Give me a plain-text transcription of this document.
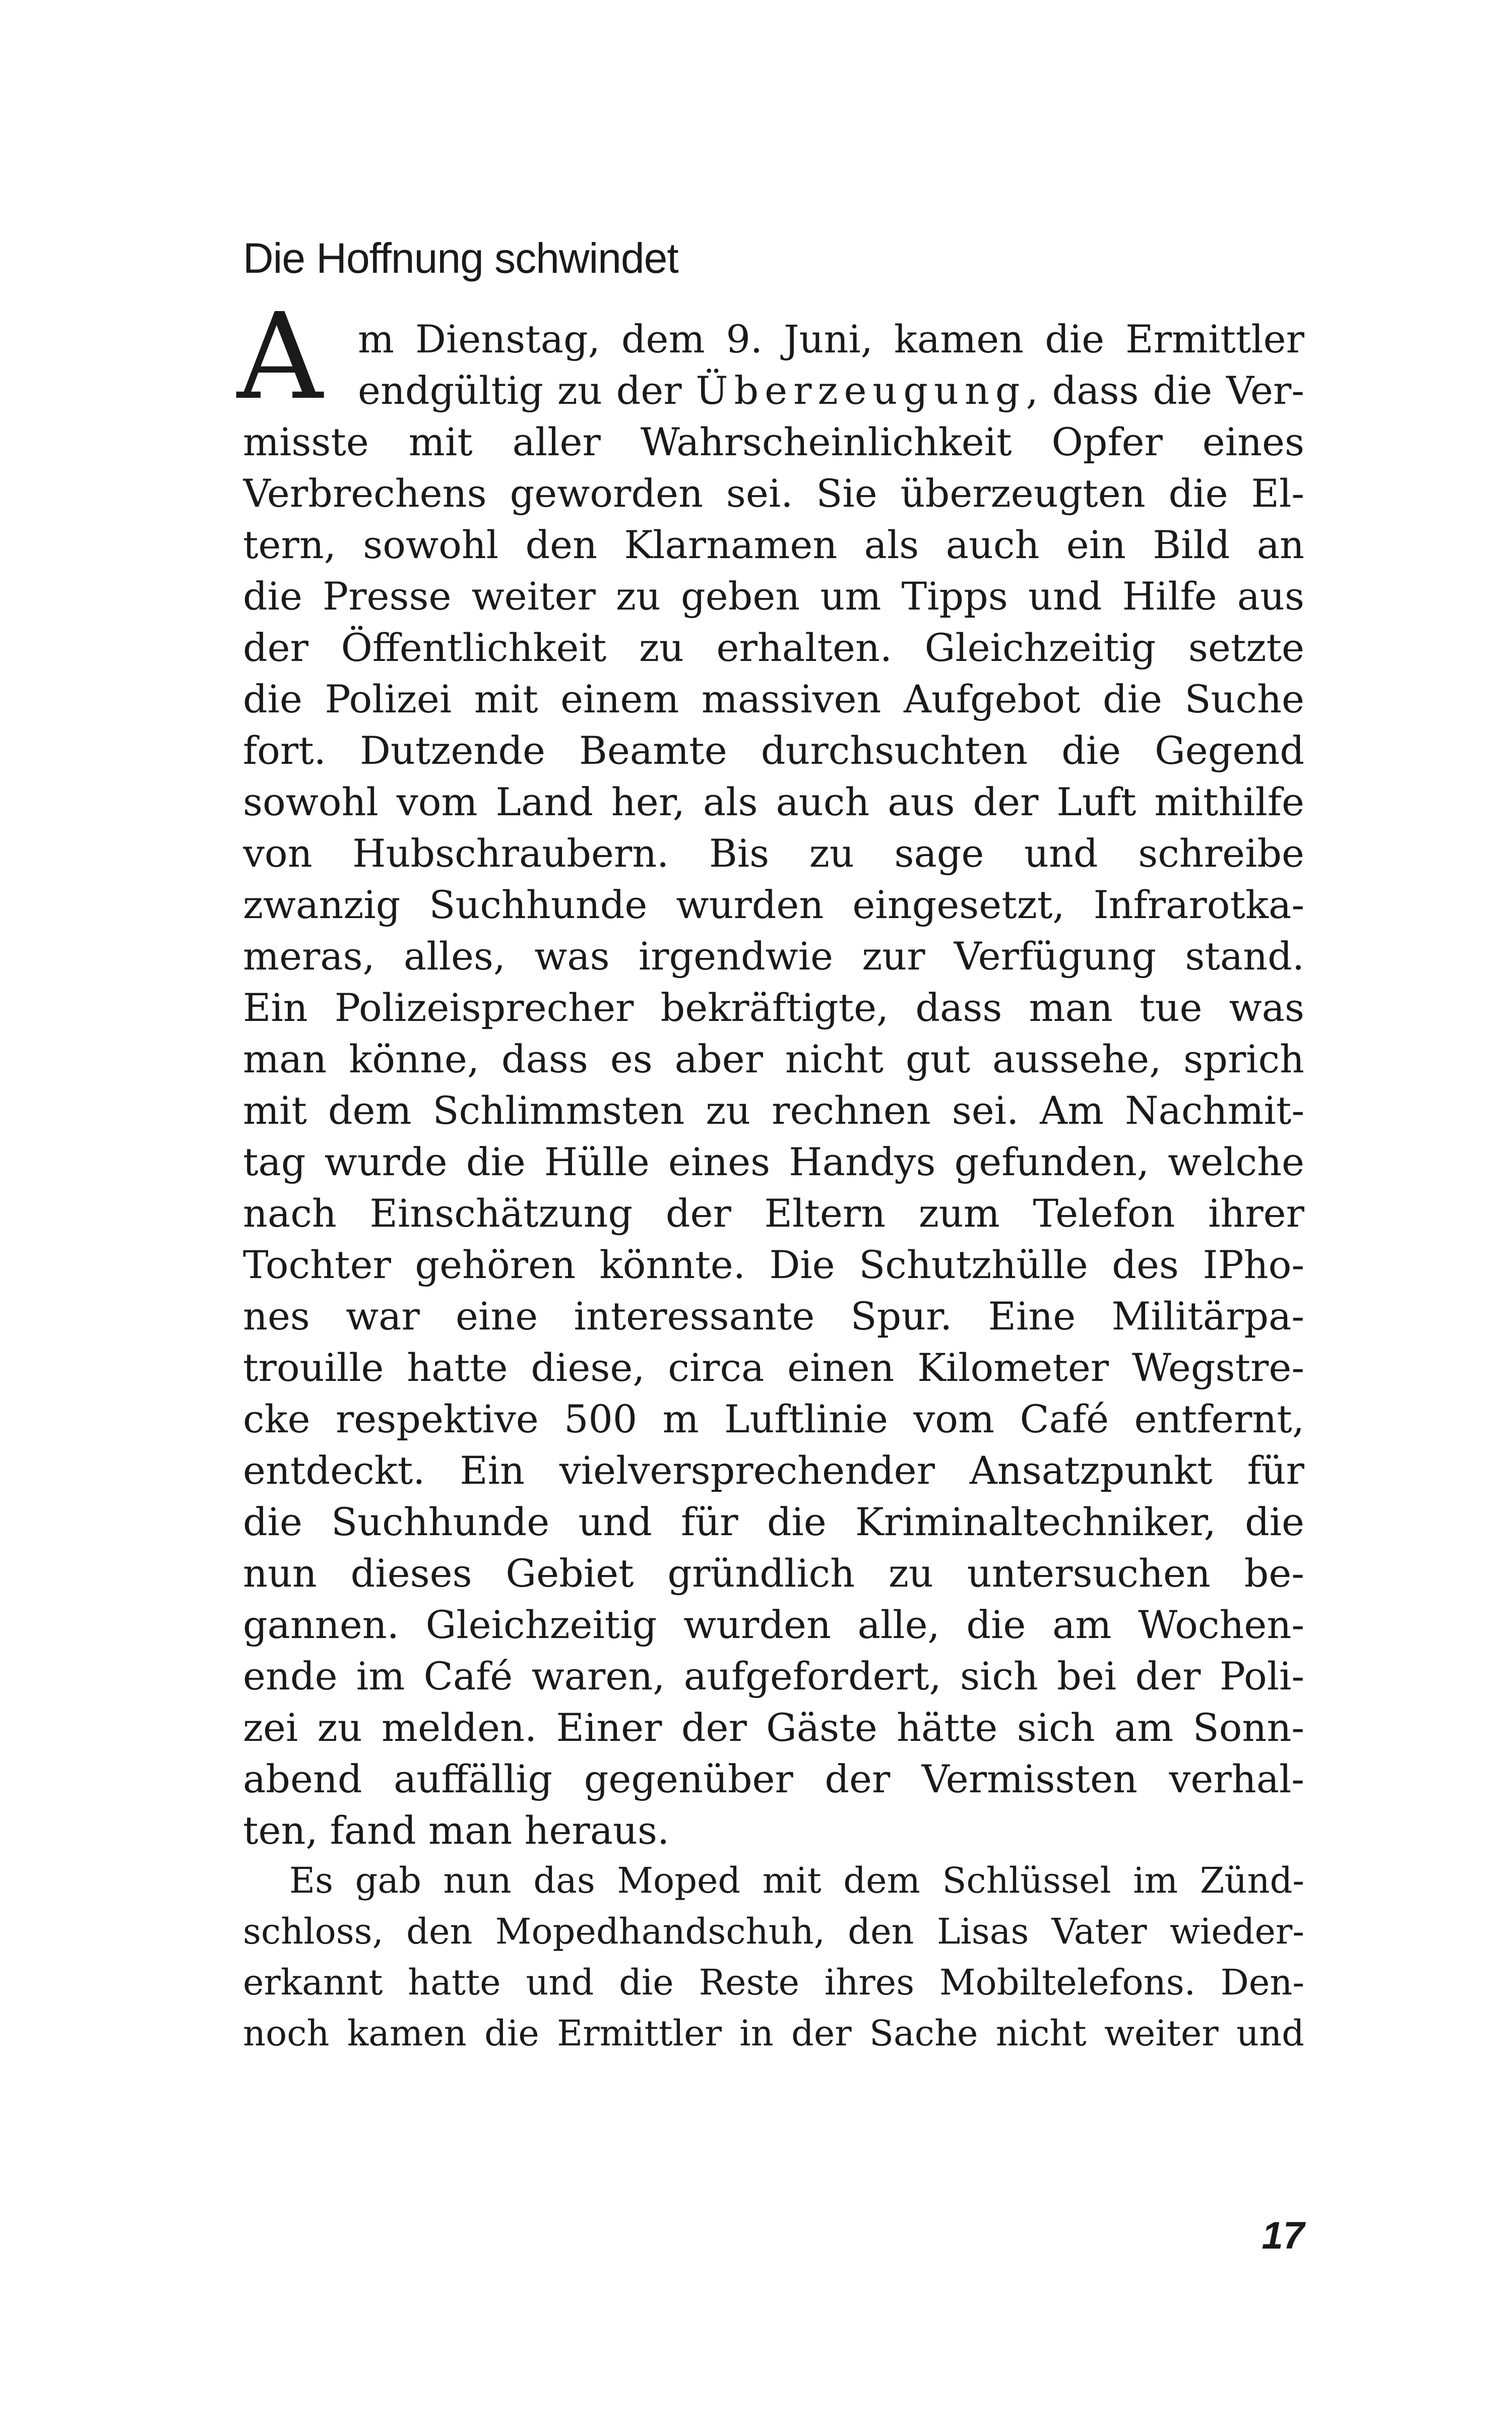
Die Hoffnung schwindet
A m Dienstag, dem 9. Juni, kamen die Ermittler
endgültig zu der Überzeugung, dass die Ver-
misste mit aller Wahrscheinlichkeit Opfer eines
Verbrechens geworden sei. Sie überzeugten die El-
tern, sowohl den Klarnamen als auch ein Bild an
die Presse weiter zu geben um Tipps und Hilfe aus
der Öffentlichkeit zu erhalten. Gleichzeitig setzte
die Polizei mit einem massiven Aufgebot die Suche
fort. Dutzende Beamte durchsuchten die Gegend
sowohl vom Land her, als auch aus der Luft mithilfe
von Hubschraubern. Bis zu sage und schreibe
zwanzig Suchhunde wurden eingesetzt, Infrarotka-
meras, alles, was irgendwie zur Verfügung stand.
Ein Polizeisprecher bekräftigte, dass man tue was
man könne, dass es aber nicht gut aussehe, sprich
mit dem Schlimmsten zu rechnen sei. Am Nachmit-
tag wurde die Hülle eines Handys gefunden, welche
nach Einschätzung der Eltern zum Telefon ihrer
Tochter gehören könnte. Die Schutzhülle des IPho-
nes war eine interessante Spur. Eine Militärpa-
trouille hatte diese, circa einen Kilometer Wegstre-
cke respektive 500 m Luftlinie vom Café entfernt,
entdeckt. Ein vielversprechender Ansatzpunkt für
die Suchhunde und für die Kriminaltechniker, die
nun dieses Gebiet gründlich zu untersuchen be-
gannen. Gleichzeitig wurden alle, die am Wochen-
ende im Café waren, aufgefordert, sich bei der Poli-
zei zu melden. Einer der Gäste hätte sich am Sonn-
abend auffällig gegenüber der Vermissten verhal-
ten, fand man heraus.
Es gab nun das Moped mit dem Schlüssel im Zünd-
schloss, den Mopedhandschuh, den Lisas Vater wieder-
erkannt hatte und die Reste ihres Mobiltelefons. Den-
noch kamen die Ermittler in der Sache nicht weiter und
17
